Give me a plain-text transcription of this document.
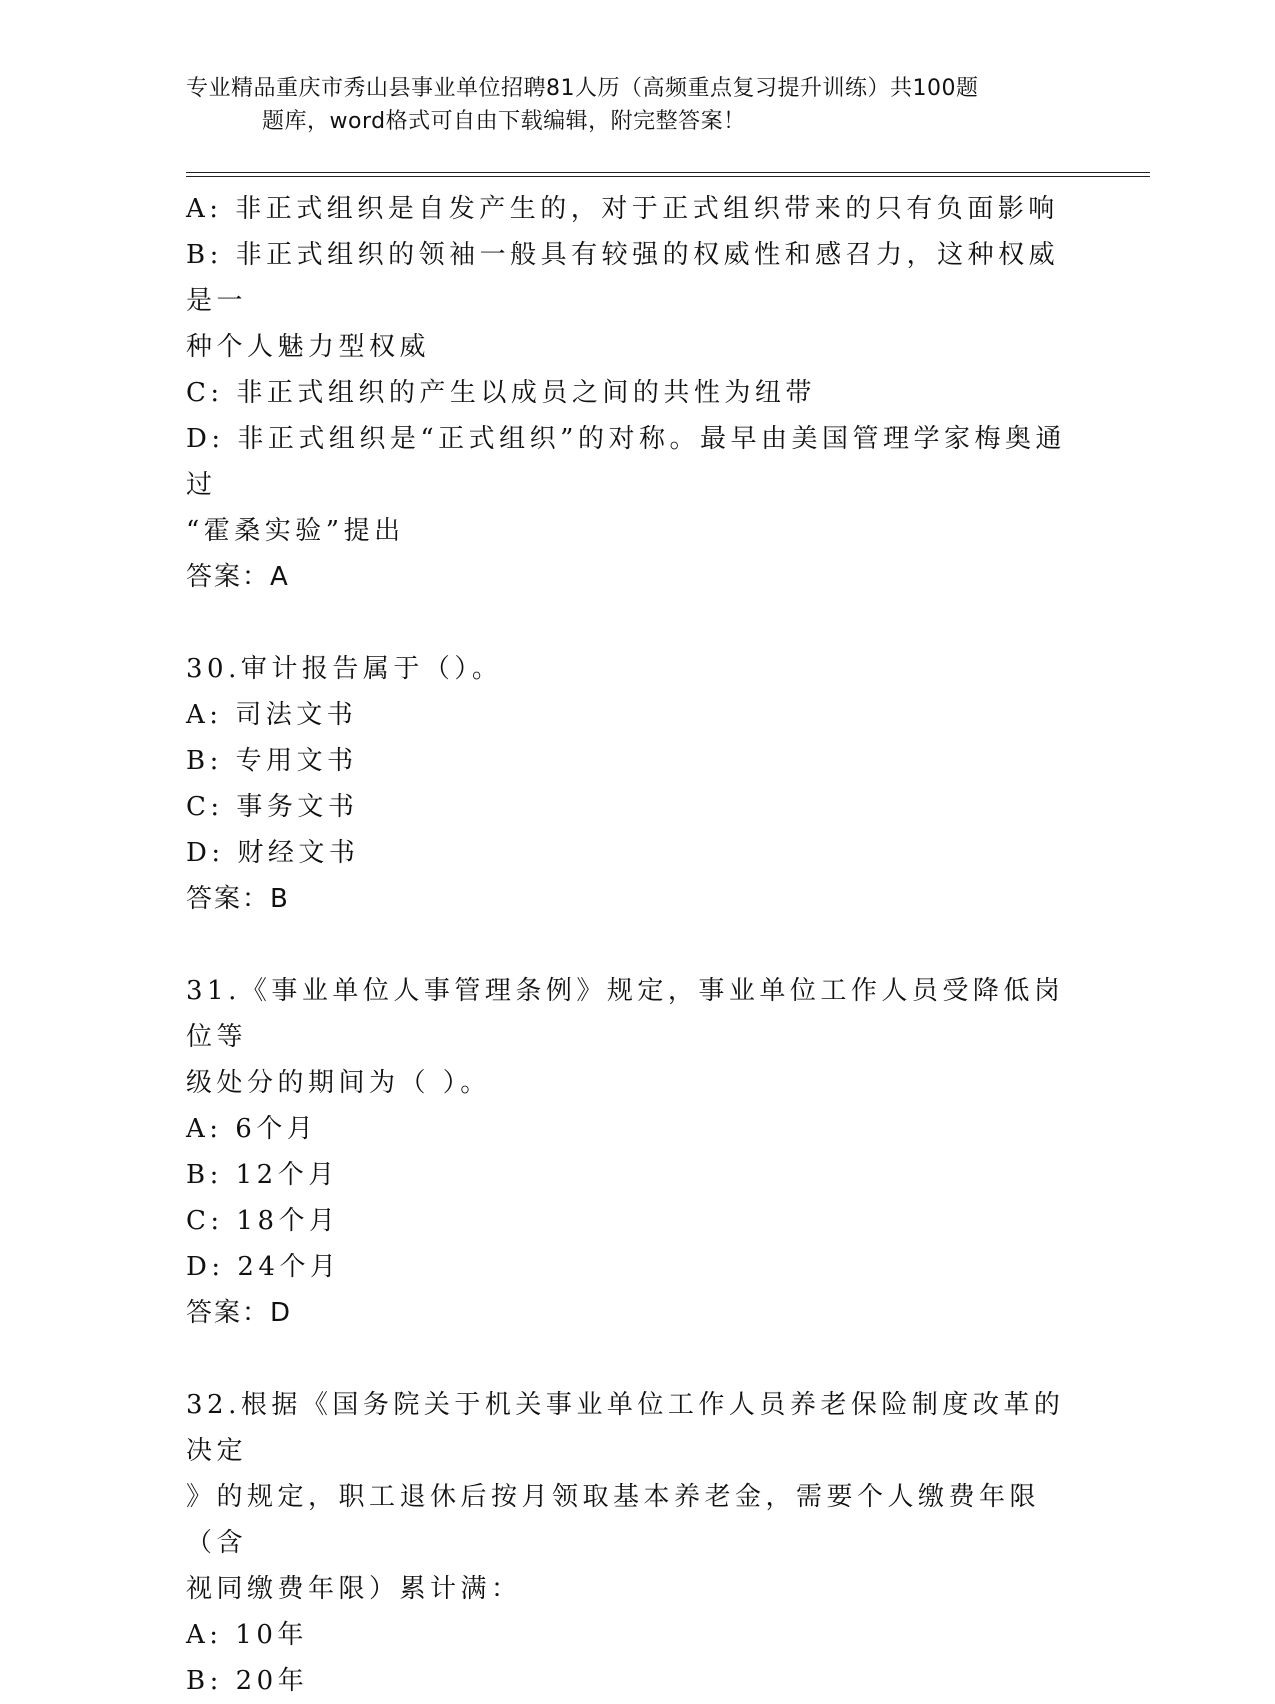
专业精品重庆市秀山县事业单位招聘81人历（高频重点复习提升训练）共100题
题库，word格式可自由下载编辑，附完整答案！

A: 非正式组织是自发产生的，对于正式组织带来的只有负面影响

B: 非正式组织的领袖一般具有较强的权威性和感召力，这种权威是一

种个人魅力型权威

C: 非正式组织的产生以成员之间的共性为纽带

D: 非正式组织是“正式组织”的对称。最早由美国管理学家梅奥通过

“霍桑实验”提出

答案：A

30.审计报告属于（）。

A: 司法文书

B: 专用文书

C: 事务文书

D: 财经文书

答案：B

31.《事业单位人事管理条例》规定，事业单位工作人员受降低岗位等

级处分的期间为（ ）。

A: 6个月

B: 12个月

C: 18个月

D: 24个月

答案：D

32.根据《国务院关于机关事业单位工作人员养老保险制度改革的决定

》的规定，职工退休后按月领取基本养老金，需要个人缴费年限（含

视同缴费年限）累计满：

A: 10年

B: 20年
